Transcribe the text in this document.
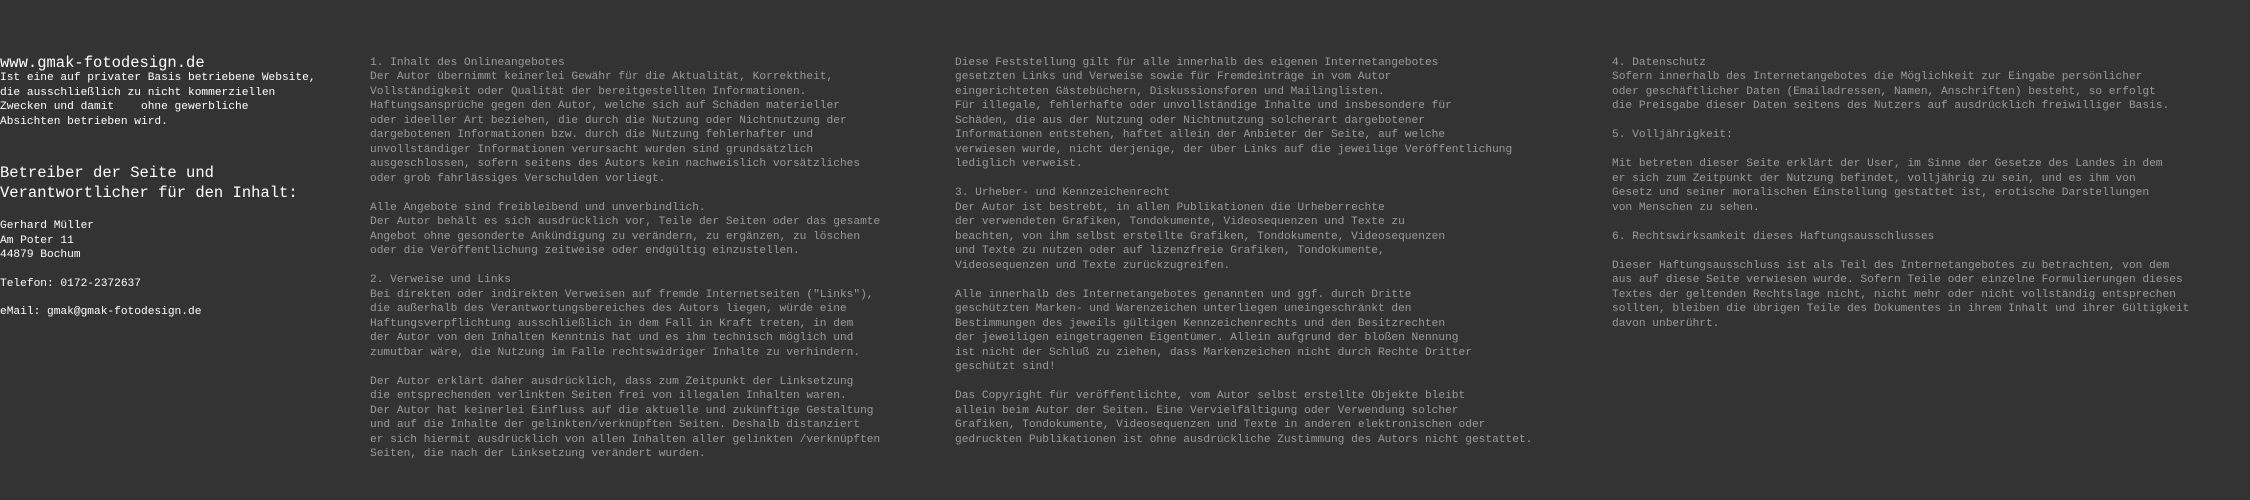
www.gmak-fotodesign.de

Ist eine auf privater Basis betriebene Website,
die ausschließlich zu nicht kommerziellen
Zwecken und damit    ohne gewerbliche
Absichten betrieben wird.

Betreiber der Seite und
Verantwortlicher für den Inhalt:

Gerhard Müller
Am Poter 11
44879 Bochum

Telefon: 0172-2372637

eMail: gmak@gmak-fotodesign.de

1. Inhalt des Onlineangebotes
Der Autor übernimmt keinerlei Gewähr für die Aktualität, Korrektheit,
Vollständigkeit oder Qualität der bereitgestellten Informationen.
Haftungsansprüche gegen den Autor, welche sich auf Schäden materieller
oder ideeller Art beziehen, die durch die Nutzung oder Nichtnutzung der
dargebotenen Informationen bzw. durch die Nutzung fehlerhafter und
unvollständiger Informationen verursacht wurden sind grundsätzlich
ausgeschlossen, sofern seitens des Autors kein nachweislich vorsätzliches
oder grob fahrlässiges Verschulden vorliegt.

Alle Angebote sind freibleibend und unverbindlich.
Der Autor behält es sich ausdrücklich vor, Teile der Seiten oder das gesamte
Angebot ohne gesonderte Ankündigung zu verändern, zu ergänzen, zu löschen
oder die Veröffentlichung zeitweise oder endgültig einzustellen.

2. Verweise und Links
Bei direkten oder indirekten Verweisen auf fremde Internetseiten ("Links"),
die außerhalb des Verantwortungsbereiches des Autors liegen, würde eine
Haftungsverpflichtung ausschließlich in dem Fall in Kraft treten, in dem
der Autor von den Inhalten Kenntnis hat und es ihm technisch möglich und
zumutbar wäre, die Nutzung im Falle rechtswidriger Inhalte zu verhindern.

Der Autor erklärt daher ausdrücklich, dass zum Zeitpunkt der Linksetzung
die entsprechenden verlinkten Seiten frei von illegalen Inhalten waren.
Der Autor hat keinerlei Einfluss auf die aktuelle und zukünftige Gestaltung
und auf die Inhalte der gelinkten/verknüpften Seiten. Deshalb distanziert
er sich hiermit ausdrücklich von allen Inhalten aller gelinkten /verknüpften
Seiten, die nach der Linksetzung verändert wurden.

Diese Feststellung gilt für alle innerhalb des eigenen Internetangebotes
gesetzten Links und Verweise sowie für Fremdeinträge in vom Autor
eingerichteten Gästebüchern, Diskussionsforen und Mailinglisten.
Für illegale, fehlerhafte oder unvollständige Inhalte und insbesondere für
Schäden, die aus der Nutzung oder Nichtnutzung solcherart dargebotener
Informationen entstehen, haftet allein der Anbieter der Seite, auf welche
verwiesen wurde, nicht derjenige, der über Links auf die jeweilige Veröffentlichung
lediglich verweist.

3. Urheber- und Kennzeichenrecht
Der Autor ist bestrebt, in allen Publikationen die Urheberrechte
der verwendeten Grafiken, Tondokumente, Videosequenzen und Texte zu
beachten, von ihm selbst erstellte Grafiken, Tondokumente, Videosequenzen
und Texte zu nutzen oder auf lizenzfreie Grafiken, Tondokumente,
Videosequenzen und Texte zurückzugreifen.

Alle innerhalb des Internetangebotes genannten und ggf. durch Dritte
geschützten Marken- und Warenzeichen unterliegen uneingeschränkt den
Bestimmungen des jeweils gültigen Kennzeichenrechts und den Besitzrechten
der jeweiligen eingetragenen Eigentümer. Allein aufgrund der bloßen Nennung
ist nicht der Schluß zu ziehen, dass Markenzeichen nicht durch Rechte Dritter
geschützt sind!

Das Copyright für veröffentlichte, vom Autor selbst erstellte Objekte bleibt
allein beim Autor der Seiten. Eine Vervielfältigung oder Verwendung solcher
Grafiken, Tondokumente, Videosequenzen und Texte in anderen elektronischen oder
gedruckten Publikationen ist ohne ausdrückliche Zustimmung des Autors nicht gestattet.

4. Datenschutz
Sofern innerhalb des Internetangebotes die Möglichkeit zur Eingabe persönlicher
oder geschäftlicher Daten (Emailadressen, Namen, Anschriften) besteht, so erfolgt
die Preisgabe dieser Daten seitens des Nutzers auf ausdrücklich freiwilliger Basis.

5. Volljährigkeit:

Mit betreten dieser Seite erklärt der User, im Sinne der Gesetze des Landes in dem
er sich zum Zeitpunkt der Nutzung befindet, volljährig zu sein, und es ihm von
Gesetz und seiner moralischen Einstellung gestattet ist, erotische Darstellungen
von Menschen zu sehen.

6. Rechtswirksamkeit dieses Haftungsausschlusses

Dieser Haftungsausschluss ist als Teil des Internetangebotes zu betrachten, von dem
aus auf diese Seite verwiesen wurde. Sofern Teile oder einzelne Formulierungen dieses
Textes der geltenden Rechtslage nicht, nicht mehr oder nicht vollständig entsprechen
sollten, bleiben die übrigen Teile des Dokumentes in ihrem Inhalt und ihrer Gültigkeit
davon unberührt.
